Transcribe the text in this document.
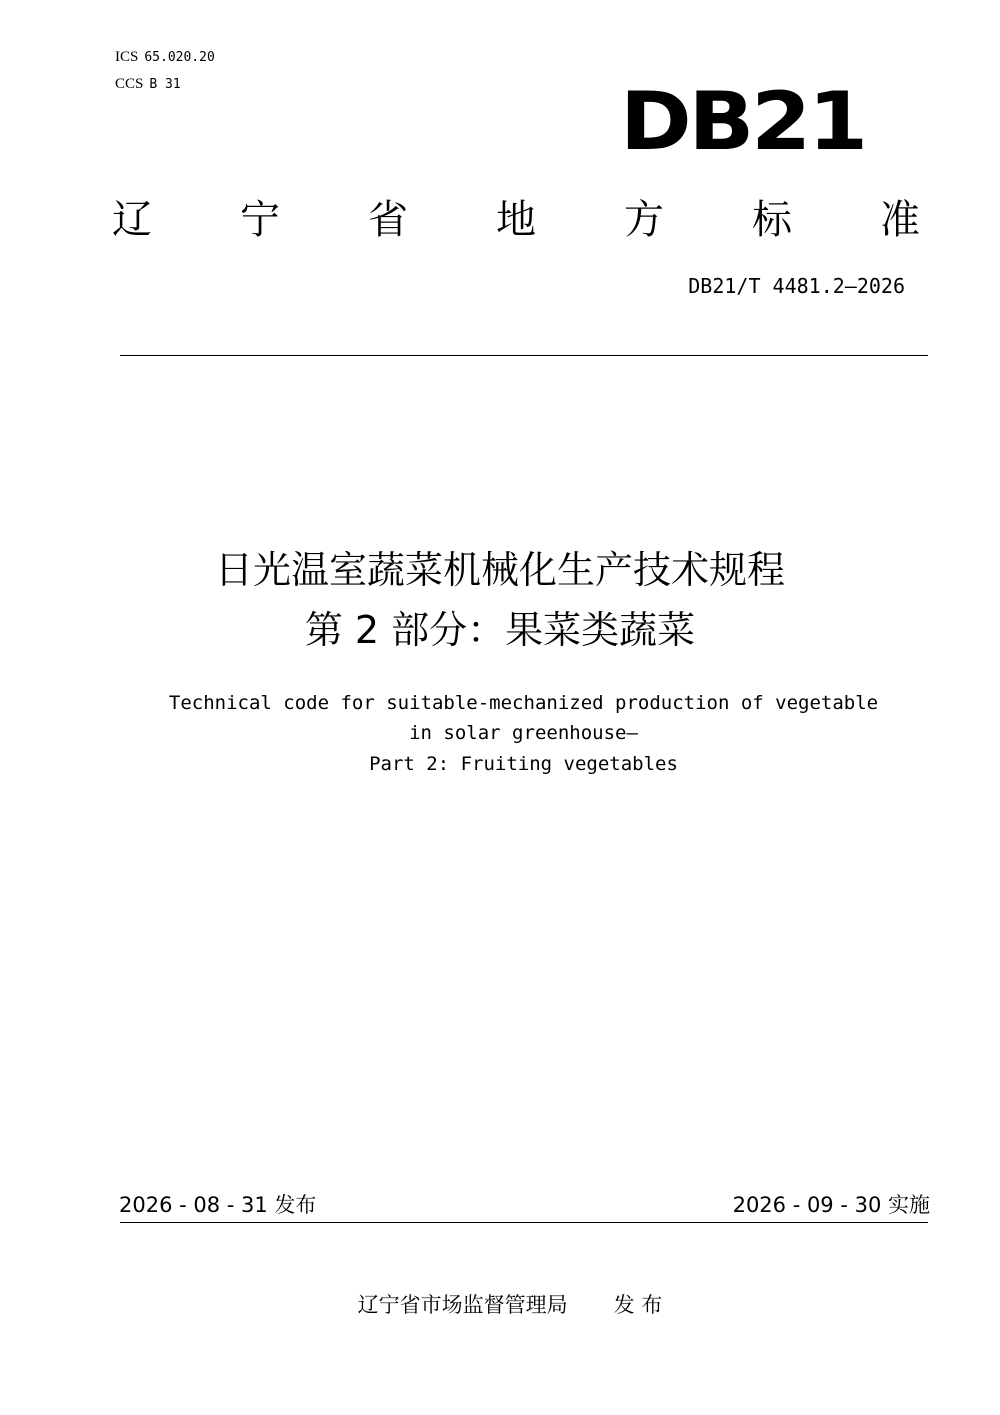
ICS 65.020.20
CCS B 31	DB21
辽 宁 省 地 方 标 准
DB21/T 4481.2—2026
日光温室蔬菜机械化生产技术规程
第 2 部分：果菜类蔬菜
Technical code for suitable-mechanized production of vegetable
in solar greenhouse—
Part 2: Fruiting vegetables
2026 - 08 - 31 发布	2026 - 09 - 30 实施
辽宁省市场监督管理局 发 布
